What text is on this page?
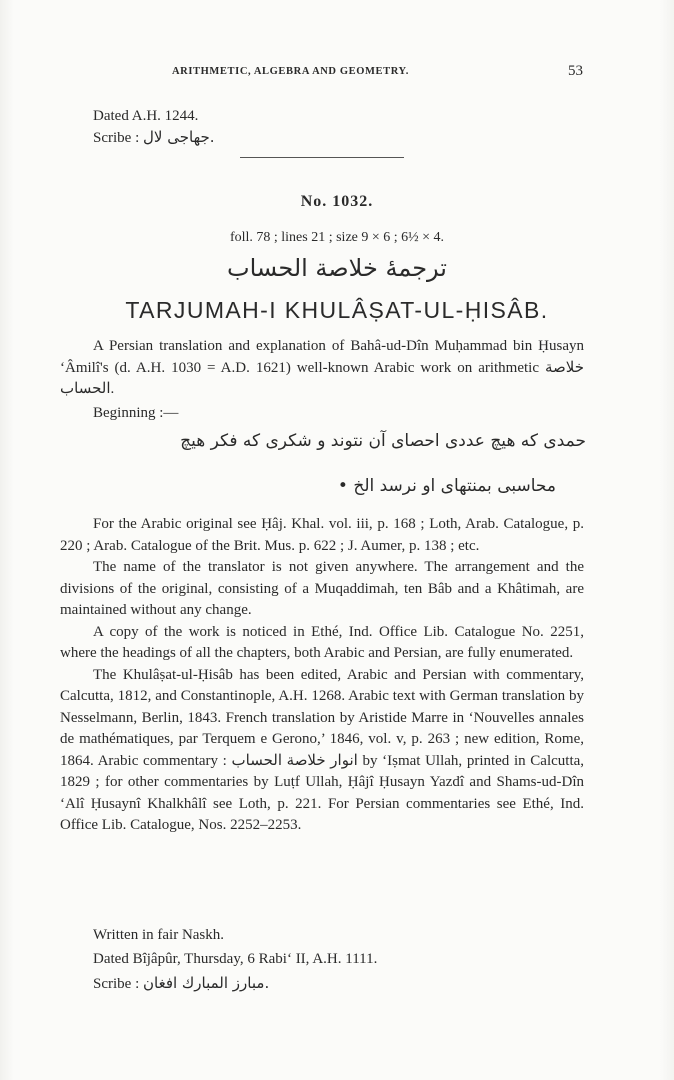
ARITHMETIC, ALGEBRA AND GEOMETRY.	53
Dated A.H. 1244.
Scribe : جهاجی لال.
No. 1032.
foll. 78 ; lines 21 ; size 9 × 6 ; 6½ × 4.
ترجمهٔ خلاصة الحساب
TARJUMAH-I KHULÂṢAT-UL-ḤISÂB.

A Persian translation and explanation of Bahâ-ud-Dîn Muḥammad bin Ḥusayn ʻÂmilî's (d. A.H. 1030 = A.D. 1621) well-known Arabic work on arithmetic خلاصة الحساب.

Beginning :—
حمدی که هیچ عددی احصای آن نتوند و شکری که فکر هیچ
محاسبی بمنتهای او نرسد الخ •

For the Arabic original see Ḥâj. Khal. vol. iii, p. 168 ; Loth, Arab. Catalogue, p. 220 ; Arab. Catalogue of the Brit. Mus. p. 622 ; J. Aumer, p. 138 ; etc.

The name of the translator is not given anywhere. The arrangement and the divisions of the original, consisting of a Muqaddimah, ten Bâb and a Khâtimah, are maintained without any change.

A copy of the work is noticed in Ethé, Ind. Office Lib. Catalogue No. 2251, where the headings of all the chapters, both Arabic and Persian, are fully enumerated.

The Khulâṣat-ul-Ḥisâb has been edited, Arabic and Persian with commentary, Calcutta, 1812, and Constantinople, A.H. 1268. Arabic text with German translation by Nesselmann, Berlin, 1843. French translation by Aristide Marre in ‘Nouvelles annales de mathématiques, par Terquem e Gerono,’ 1846, vol. v, p. 263 ; new edition, Rome, 1864. Arabic commentary : انوار خلاصة الحساب by ʻIṣmat Ullah, printed in Calcutta, 1829 ; for other commentaries by Luṭf Ullah, Ḥâjî Ḥusayn Yazdî and Shams-ud-Dîn ʻAlî Ḥusaynî Khalkhâlî see Loth, p. 221. For Persian commentaries see Ethé, Ind. Office Lib. Catalogue, Nos. 2252–2253.

Written in fair Naskh.
Dated Bîjâpûr, Thursday, 6 Rabiʻ II, A.H. 1111.
Scribe : مبارز المبارك افغان.
